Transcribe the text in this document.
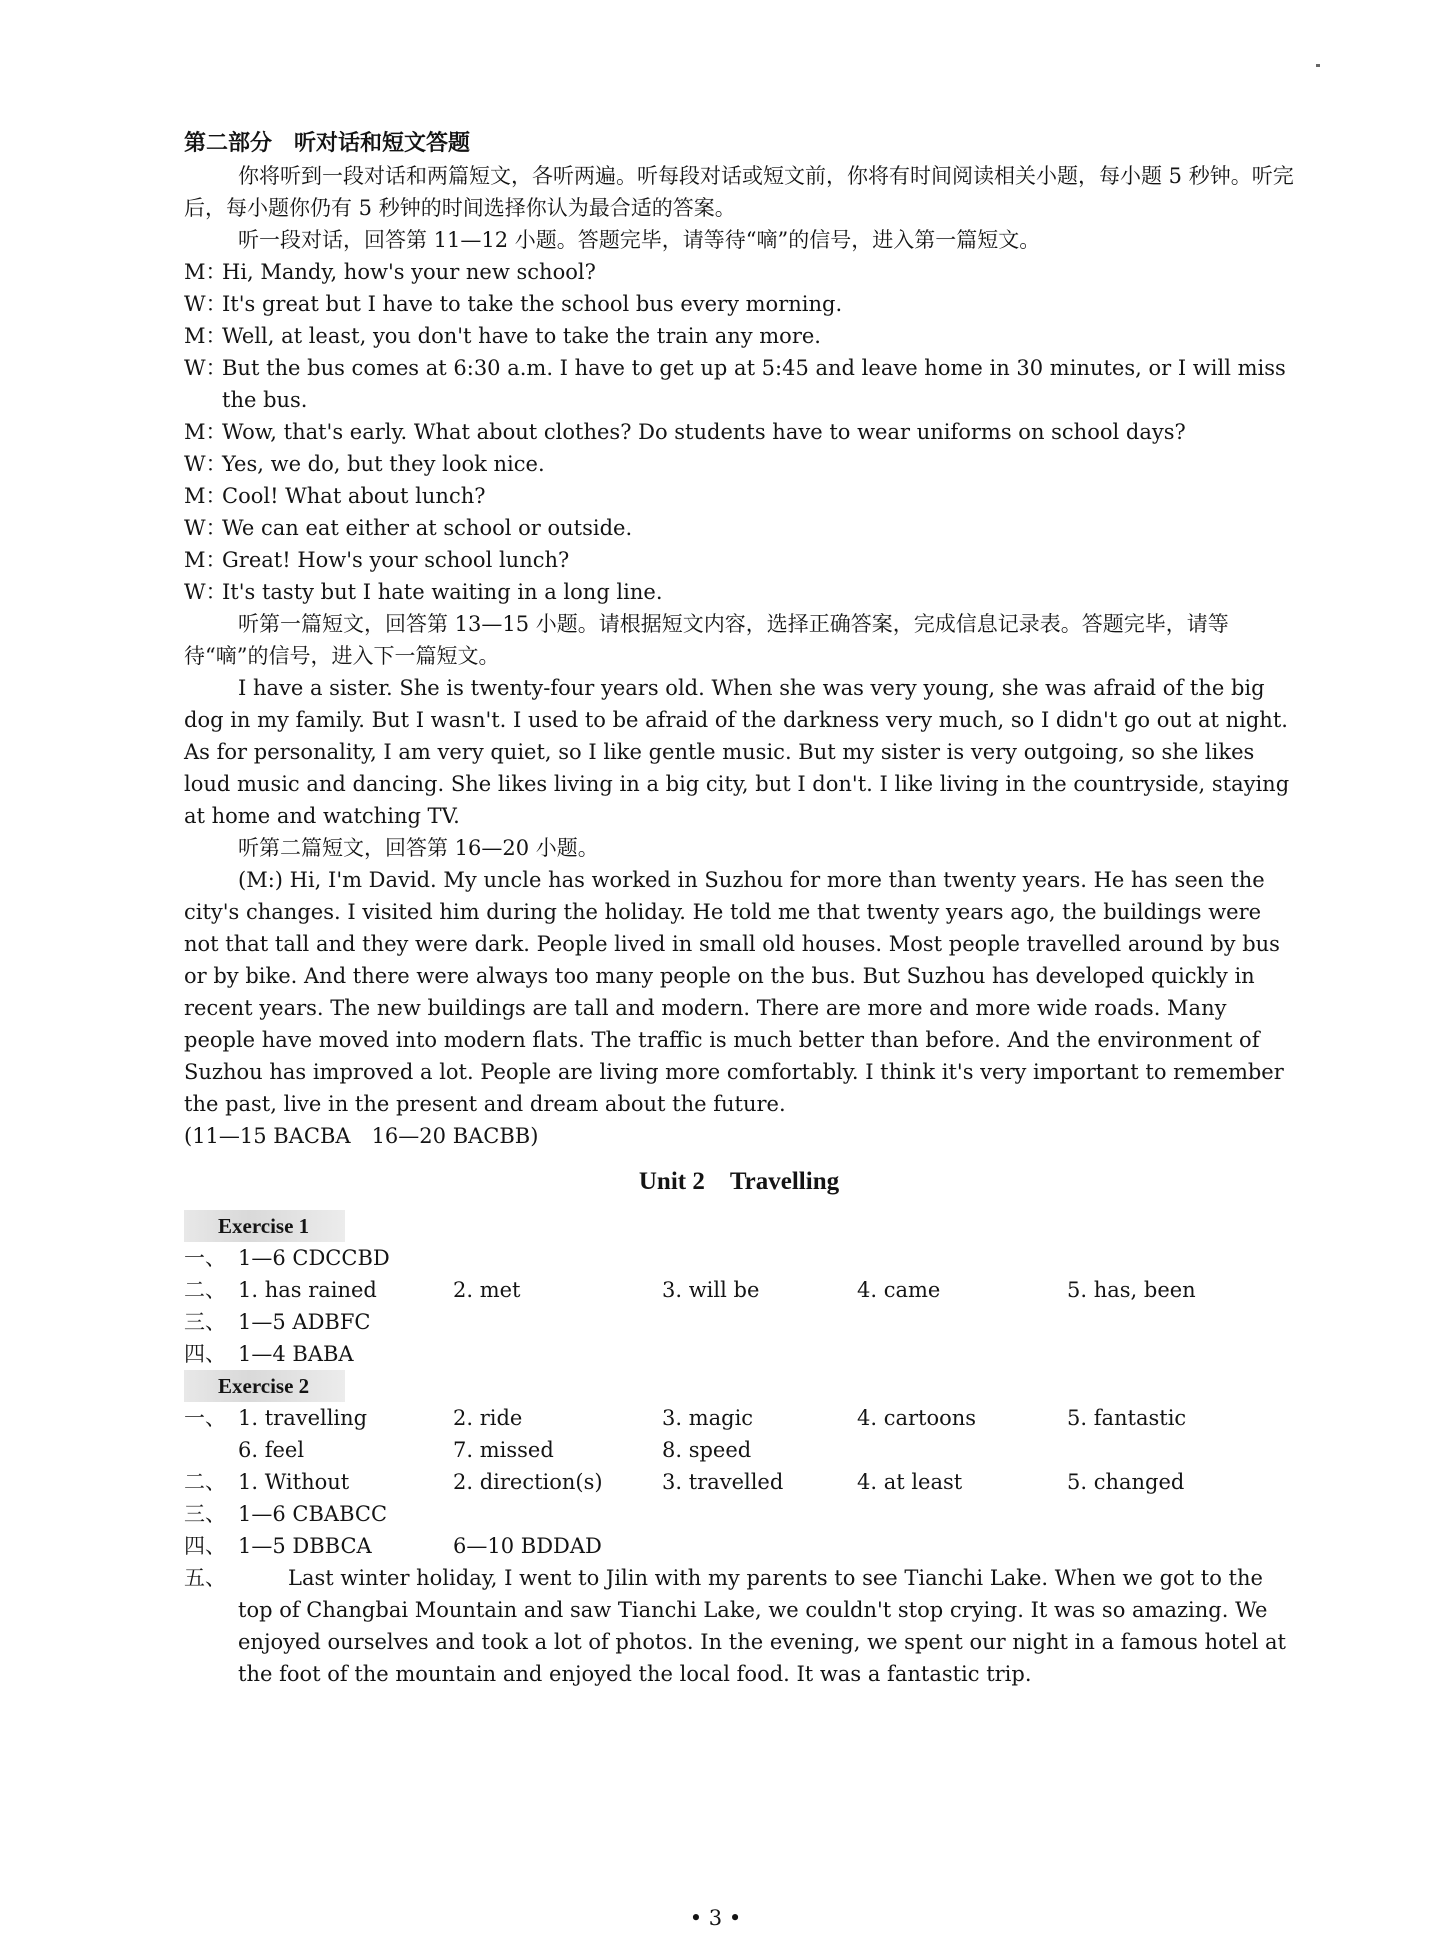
第二部分　听对话和短文答题
你将听到一段对话和两篇短文，各听两遍。听每段对话或短文前，你将有时间阅读相关小题，每小题 5 秒钟。听完后，每小题你仍有 5 秒钟的时间选择你认为最合适的答案。
听一段对话，回答第 11—12 小题。答题完毕，请等待“嘀”的信号，进入第一篇短文。
M：
Hi, Mandy, how's your new school?
W：
It's great but I have to take the school bus every morning.
M：
Well, at least, you don't have to take the train any more.
W：
But the bus comes at 6:30 a.m. I have to get up at 5:45 and leave home in 30 minutes, or I will miss the bus.
M：
Wow, that's early. What about clothes? Do students have to wear uniforms on school days?
W：
Yes, we do, but they look nice.
M：
Cool! What about lunch?
W：
We can eat either at school or outside.
M：
Great! How's your school lunch?
W：
It's tasty but I hate waiting in a long line.
听第一篇短文，回答第 13—15 小题。请根据短文内容，选择正确答案，完成信息记录表。答题完毕，请等待“嘀”的信号，进入下一篇短文。
I have a sister. She is twenty-four years old. When she was very young, she was afraid of the big dog in my family. But I wasn't. I used to be afraid of the darkness very much, so I didn't go out at night. As for personality, I am very quiet, so I like gentle music. But my sister is very outgoing, so she likes loud music and dancing. She likes living in a big city, but I don't. I like living in the countryside, staying at home and watching TV.
听第二篇短文，回答第 16—20 小题。
(M:) Hi, I'm David. My uncle has worked in Suzhou for more than twenty years. He has seen the city's changes. I visited him during the holiday. He told me that twenty years ago, the buildings were not that tall and they were dark. People lived in small old houses. Most people travelled around by bus or by bike. And there were always too many people on the bus. But Suzhou has developed quickly in recent years. The new buildings are tall and modern. There are more and more wide roads. Many people have moved into modern flats. The traffic is much better than before. And the environment of Suzhou has improved a lot. People are living more comfortably. I think it's very important to remember the past, live in the present and dream about the future.
(11—15 BACBA　16—20 BACBB)
Unit 2　Travelling
Exercise 1
一、 1—6 CDCCBD
二、 1. has rained	2. met	3. will be	4. came	5. has, been
三、 1—5 ADBFC
四、 1—4 BABA
Exercise 2
一、 1. travelling	2. ride	3. magic	4. cartoons	5. fantastic
6. feel	7. missed	8. speed
二、 1. Without	2. direction(s)	3. travelled	4. at least	5. changed
三、 1—6 CBABCC
四、 1—5 DBBCA	6—10 BDDAD
五、	Last winter holiday, I went to Jilin with my parents to see Tianchi Lake. When we got to the top of Changbai Mountain and saw Tianchi Lake, we couldn't stop crying. It was so amazing. We enjoyed ourselves and took a lot of photos. In the evening, we spent our night in a famous hotel at the foot of the mountain and enjoyed the local food. It was a fantastic trip.
• 3 •
